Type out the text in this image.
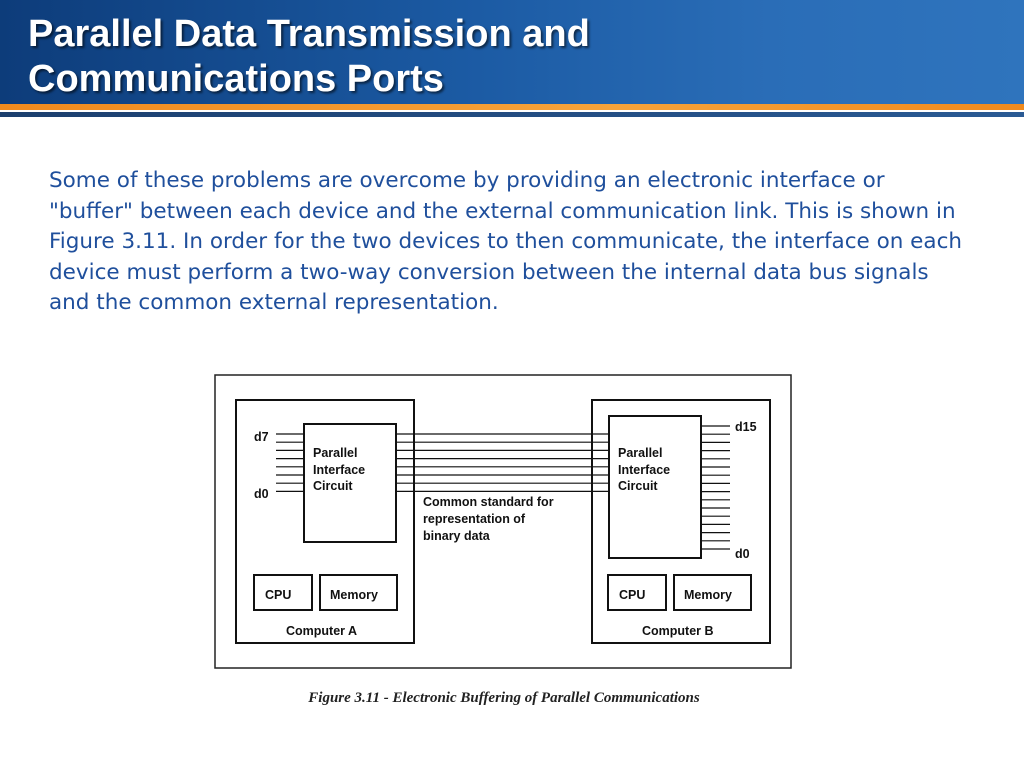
Parallel Data Transmission and
Communications Ports

Some of these problems are overcome by providing an electronic interface or "buffer" between each device and the external communication link. This is shown in Figure 3.11. In order for the two devices to then communicate, the interface on each device must perform a two-way conversion between the internal data bus signals and the common external representation.

d7
d0
Parallel
Interface
Circuit
CPU	Memory
Computer A
Common standard for
representation of
binary data
d15
d0
Parallel
Interface
Circuit
CPU	Memory
Computer B
Figure 3.11 - Electronic Buffering of Parallel Communications
